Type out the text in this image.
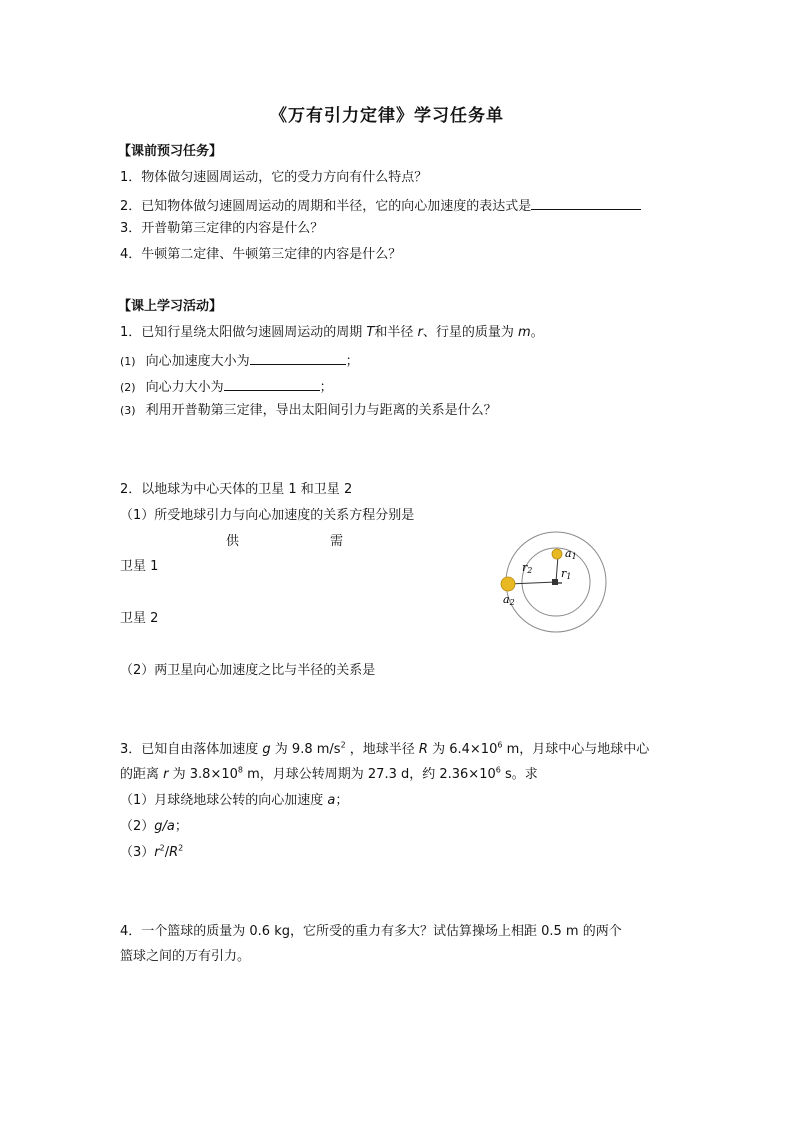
《万有引力定律》学习任务单
【课前预习任务】
1．物体做匀速圆周运动，它的受力方向有什么特点？
2．已知物体做匀速圆周运动的周期和半径，它的向心加速度的表达式是
3．开普勒第三定律的内容是什么？
4．牛顿第二定律、牛顿第三定律的内容是什么？
【课上学习活动】
1．已知行星绕太阳做匀速圆周运动的周期 T和半径 r、行星的质量为 m。
(1) 向心加速度大小为	；
(2) 向心力大小为	；
(3) 利用开普勒第三定律，导出太阳间引力与距离的关系是什么？
2．以地球为中心天体的卫星 1 和卫星 2
（1）所受地球引力与向心加速度的关系方程分别是
供	需
卫星 1
卫星 2
（2）两卫星向心加速度之比与半径的关系是
a1
a2
r1
r2
3．已知自由落体加速度 g 为 9.8 $m/s^2$ ，地球半径 R 为 $6.4\times 10^6$ m，月球中心与地球中心
的距离 r 为 $3.8\times 10^8$ m，月球公转周期为 27.3 d，约 $2.36\times 10^6$ s。求
（1）月球绕地球公转的向心加速度 a；
（2）g/a；
$(3)r^2/R^2$
4．一个篮球的质量为 0.6 kg，它所受的重力有多大？试估算操场上相距 0.5 m 的两个
篮球之间的万有引力。
